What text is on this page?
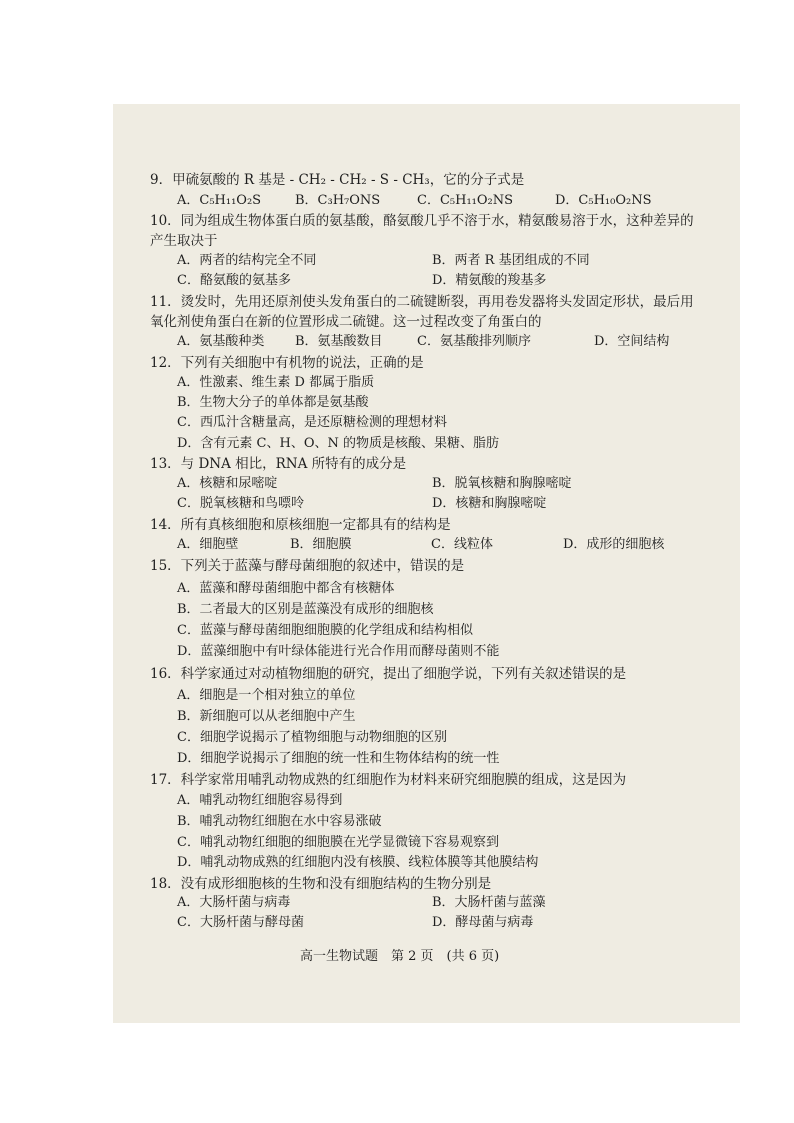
9．甲硫氨酸的 R 基是 - CH₂ - CH₂ - S - CH₃，它的分子式是
A．C₅H₁₁O₂S	B．C₃H₇ONS	C．C₅H₁₁O₂NS	D．C₅H₁₀O₂NS
10．同为组成生物体蛋白质的氨基酸，酪氨酸几乎不溶于水，精氨酸易溶于水，这种差异的
产生取决于
A．两者的结构完全不同	B．两者 R 基团组成的不同
C．酪氨酸的氨基多	D．精氨酸的羧基多
11．烫发时，先用还原剂使头发角蛋白的二硫键断裂，再用卷发器将头发固定形状，最后用
氧化剂使角蛋白在新的位置形成二硫键。这一过程改变了角蛋白的
A．氨基酸种类 B．氨基酸数目	C．氨基酸排列顺序	D．空间结构
12．下列有关细胞中有机物的说法，正确的是
A．性激素、维生素 D 都属于脂质
B．生物大分子的单体都是氨基酸
C．西瓜汁含糖量高，是还原糖检测的理想材料
D．含有元素 C、H、O、N 的物质是核酸、果糖、脂肪
13．与 DNA 相比，RNA 所特有的成分是
A．核糖和尿嘧啶	B．脱氧核糖和胸腺嘧啶
C．脱氧核糖和鸟嘌呤	D．核糖和胸腺嘧啶
14．所有真核细胞和原核细胞一定都具有的结构是
A．细胞壁	B．细胞膜	C．线粒体	D．成形的细胞核
15．下列关于蓝藻与酵母菌细胞的叙述中，错误的是
A．蓝藻和酵母菌细胞中都含有核糖体
B．二者最大的区别是蓝藻没有成形的细胞核
C．蓝藻与酵母菌细胞细胞膜的化学组成和结构相似
D．蓝藻细胞中有叶绿体能进行光合作用而酵母菌则不能
16．科学家通过对动植物细胞的研究，提出了细胞学说，下列有关叙述错误的是
A．细胞是一个相对独立的单位
B．新细胞可以从老细胞中产生
C．细胞学说揭示了植物细胞与动物细胞的区别
D．细胞学说揭示了细胞的统一性和生物体结构的统一性
17．科学家常用哺乳动物成熟的红细胞作为材料来研究细胞膜的组成，这是因为
A．哺乳动物红细胞容易得到
B．哺乳动物红细胞在水中容易涨破
C．哺乳动物红细胞的细胞膜在光学显微镜下容易观察到
D．哺乳动物成熟的红细胞内没有核膜、线粒体膜等其他膜结构
18．没有成形细胞核的生物和没有细胞结构的生物分别是
A．大肠杆菌与病毒	B．大肠杆菌与蓝藻
C．大肠杆菌与酵母菌	D．酵母菌与病毒
高一生物试题　第 2 页　(共 6 页)
